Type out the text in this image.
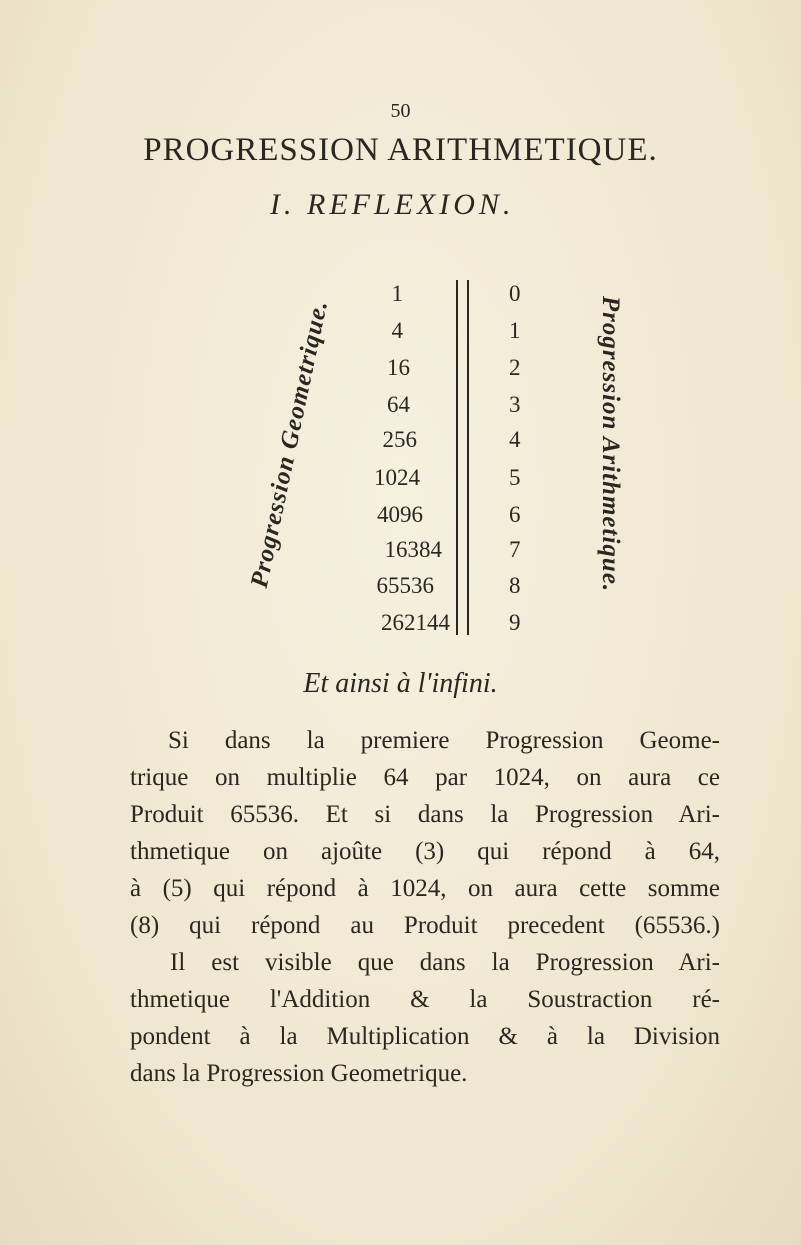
50
PROGRESSION ARITHMETIQUE.
I. REFLEXION.
Progression Geometrique.
1
4
16
64
256
1024
4096
16384
65536
262144
0
1
2
3
4
5
6
7
8
9
Progression Arithmetique.
Et ainsi à l'infini.
Si dans la premiere Progression Geome-
trique on multiplie 64 par 1024, on aura ce
Produit 65536. Et si dans la Progression Ari-
thmetique on ajoûte (3) qui répond à 64,
à (5) qui répond à 1024, on aura cette somme
(8) qui répond au Produit precedent (65536.)
Il est visible que dans la Progression Ari-
thmetique l'Addition & la Soustraction ré-
pondent à la Multiplication & à la Division
dans la Progression Geometrique.
